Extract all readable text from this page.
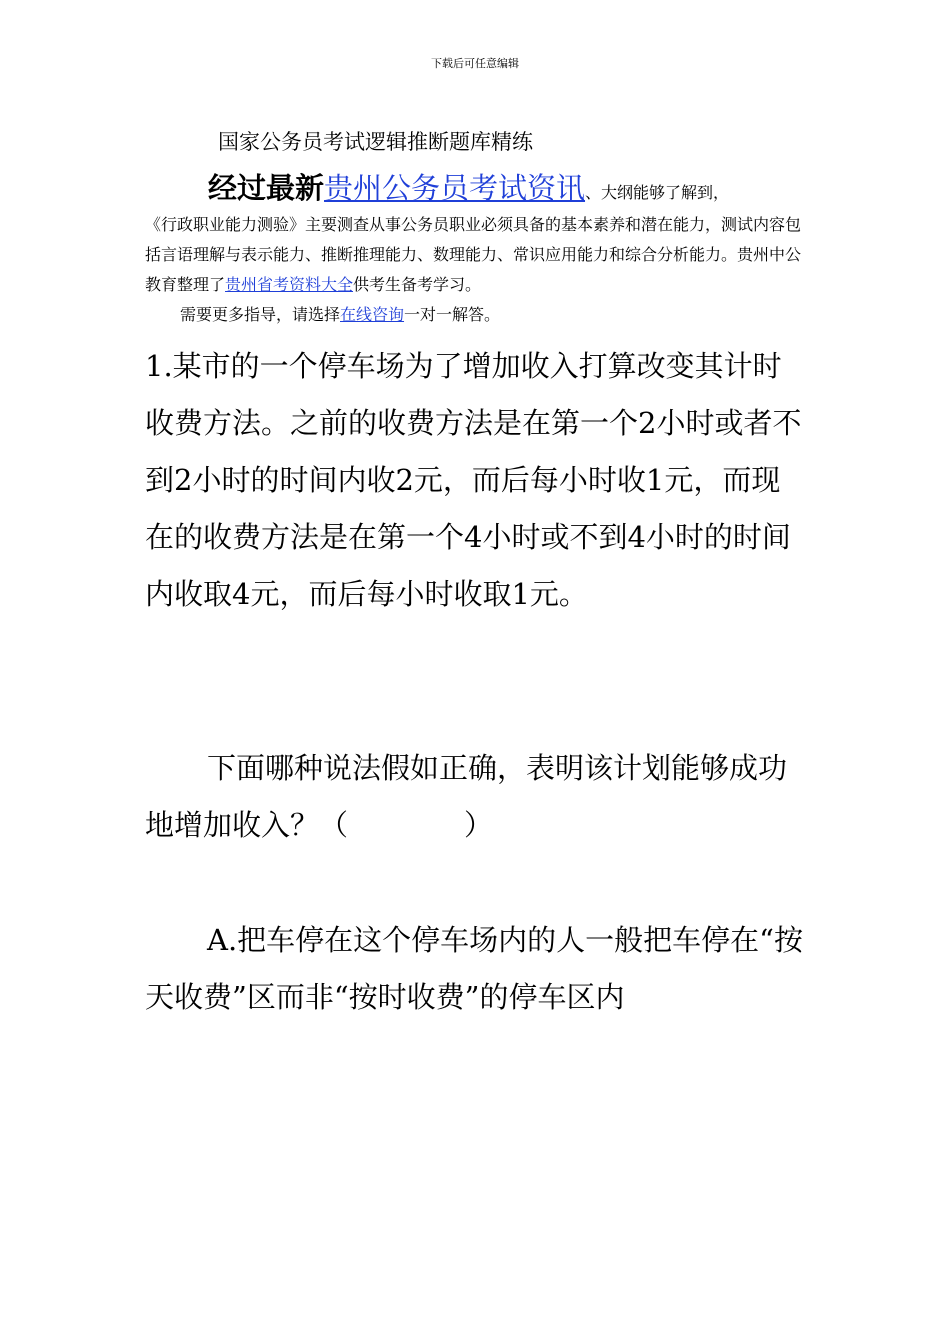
下载后可任意编辑
国家公务员考试逻辑推断题库精练
经过最新贵州公务员考试资讯、大纲能够了解到，
《行政职业能力测验》主要测查从事公务员职业必须具备的基本素养和潜在能力，测试内容包括言语理解与表示能力、推断推理能力、数理能力、常识应用能力和综合分析能力。贵州中公教育整理了贵州省考资料大全供考生备考学习。
需要更多指导，请选择在线咨询一对一解答。
1.某市的一个停车场为了增加收入打算改变其计时收费方法。之前的收费方法是在第一个2小时或者不到2小时的时间内收2元，而后每小时收1元，而现在的收费方法是在第一个4小时或不到4小时的时间内收取4元，而后每小时收取1元。
下面哪种说法假如正确，表明该计划能够成功地增加收入？（　　　　）
A.把车停在这个停车场内的人一般把车停在“按天收费”区而非“按时收费”的停车区内
